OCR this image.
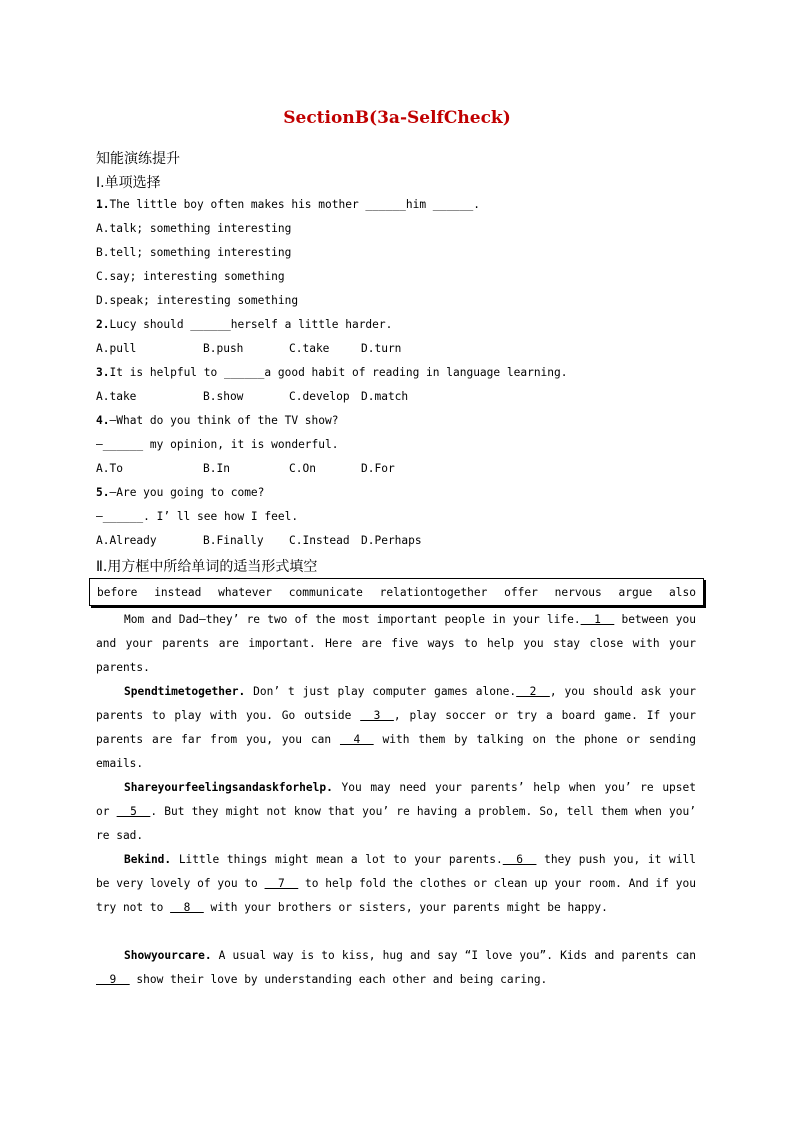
SectionB(3a-SelfCheck)
知能演练提升
Ⅰ.单项选择
1.The little boy often makes his mother ______him ______.
A.talk; something interesting
B.tell; something interesting
C.say; interesting something
D.speak; interesting something
2.Lucy should ______herself a little harder.
A.pull	B.push	C.take	D.turn
3.It is helpful to ______a good habit of reading in language learning.
A.take	B.show	C.develop D.match
4.—What do you think of the TV show?
—______ my opinion, it is wonderful.
A.To	B.In	C.On	D.For
5.—Are you going to come?
—______. I’ ll see how I feel.
A.Already	B.Finally C.Instead D.Perhaps
Ⅱ.用方框中所给单词的适当形式填空
before instead whatever communicate relationtogether offer nervous argue also
Mom and Dad—they’ re two of the most important people in your life.  1   between you and your parents are important. Here are five ways to help you stay close with your parents.
Spendtimetogether. Don’ t just play computer games alone.  2  , you should ask your parents to play with you. Go outside   3  , play soccer or try a board game. If your parents are far from you, you can   4   with them by talking on the phone or sending emails.
Shareyourfeelingsandaskforhelp. You may need your parents’ help when you’ re upset or   5  . But they might not know that you’ re having a problem. So, tell them when you’ re sad.
Bekind. Little things might mean a lot to your parents.  6   they push you, it will be very lovely of you to   7   to help fold the clothes or clean up your room. And if you try not to   8   with your brothers or sisters, your parents might be happy.
Showyourcare. A usual way is to kiss, hug and say “I love you”. Kids and parents can   9   show their love by understanding each other and being caring.
